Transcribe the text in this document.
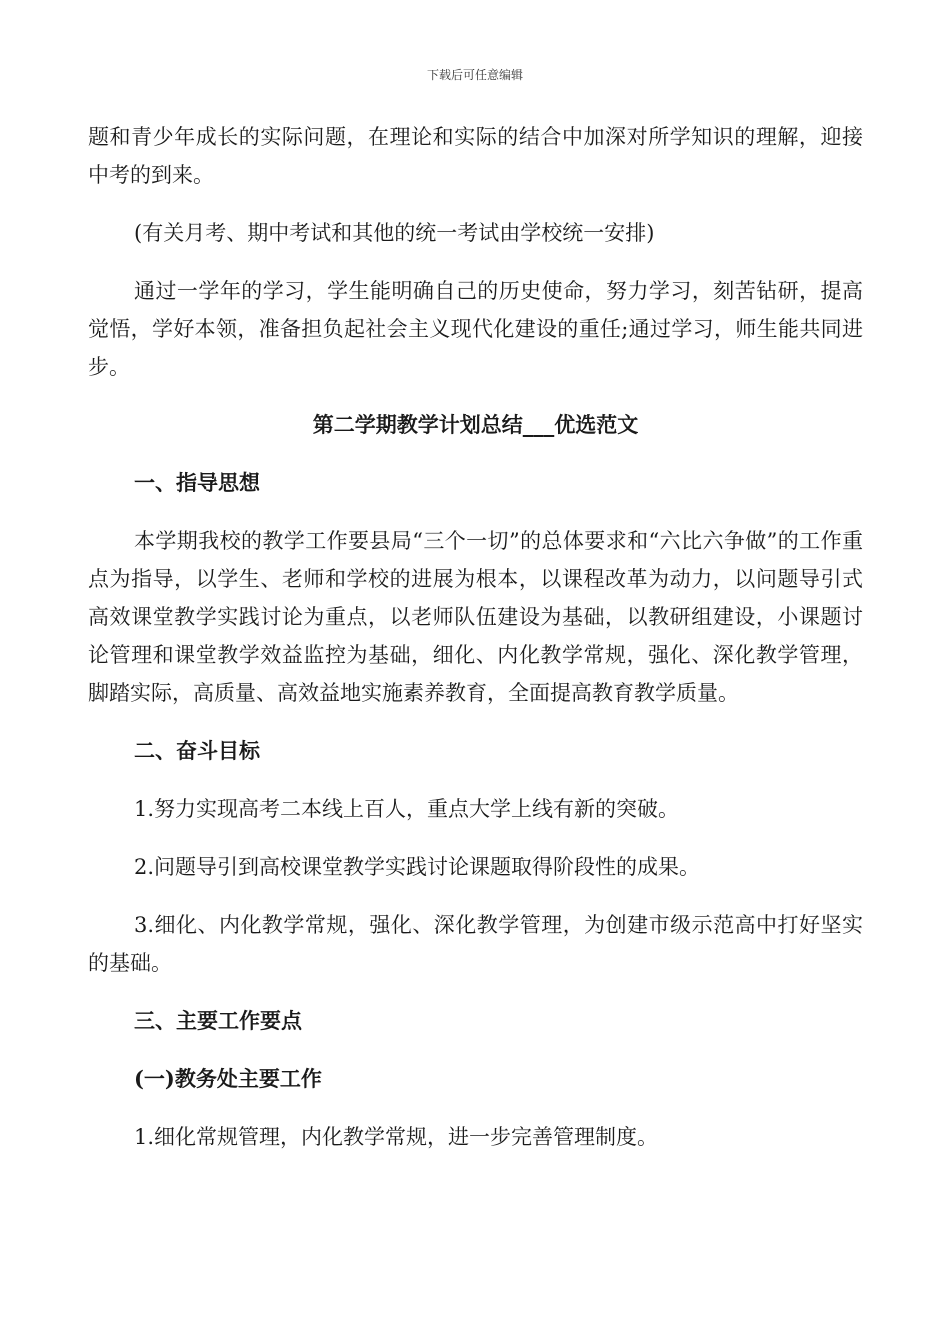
下载后可任意编辑

题和青少年成长的实际问题，在理论和实际的结合中加深对所学知识的理解，迎接中考的到来。

(有关月考、期中考试和其他的统一考试由学校统一安排)

通过一学年的学习，学生能明确自己的历史使命，努力学习，刻苦钻研，提高觉悟，学好本领，准备担负起社会主义现代化建设的重任;通过学习，师生能共同进步。

第二学期教学计划总结___优选范文

一、指导思想

本学期我校的教学工作要县局“三个一切”的总体要求和“六比六争做”的工作重点为指导，以学生、老师和学校的进展为根本，以课程改革为动力，以问题导引式高效课堂教学实践讨论为重点，以老师队伍建设为基础，以教研组建设，小课题讨论管理和课堂教学效益监控为基础，细化、内化教学常规，强化、深化教学管理，脚踏实际，高质量、高效益地实施素养教育，全面提高教育教学质量。

二、奋斗目标

1.努力实现高考二本线上百人，重点大学上线有新的突破。

2.问题导引到高校课堂教学实践讨论课题取得阶段性的成果。

3.细化、内化教学常规，强化、深化教学管理，为创建市级示范高中打好坚实的基础。

三、主要工作要点

(一)教务处主要工作

1.细化常规管理，内化教学常规，进一步完善管理制度。
